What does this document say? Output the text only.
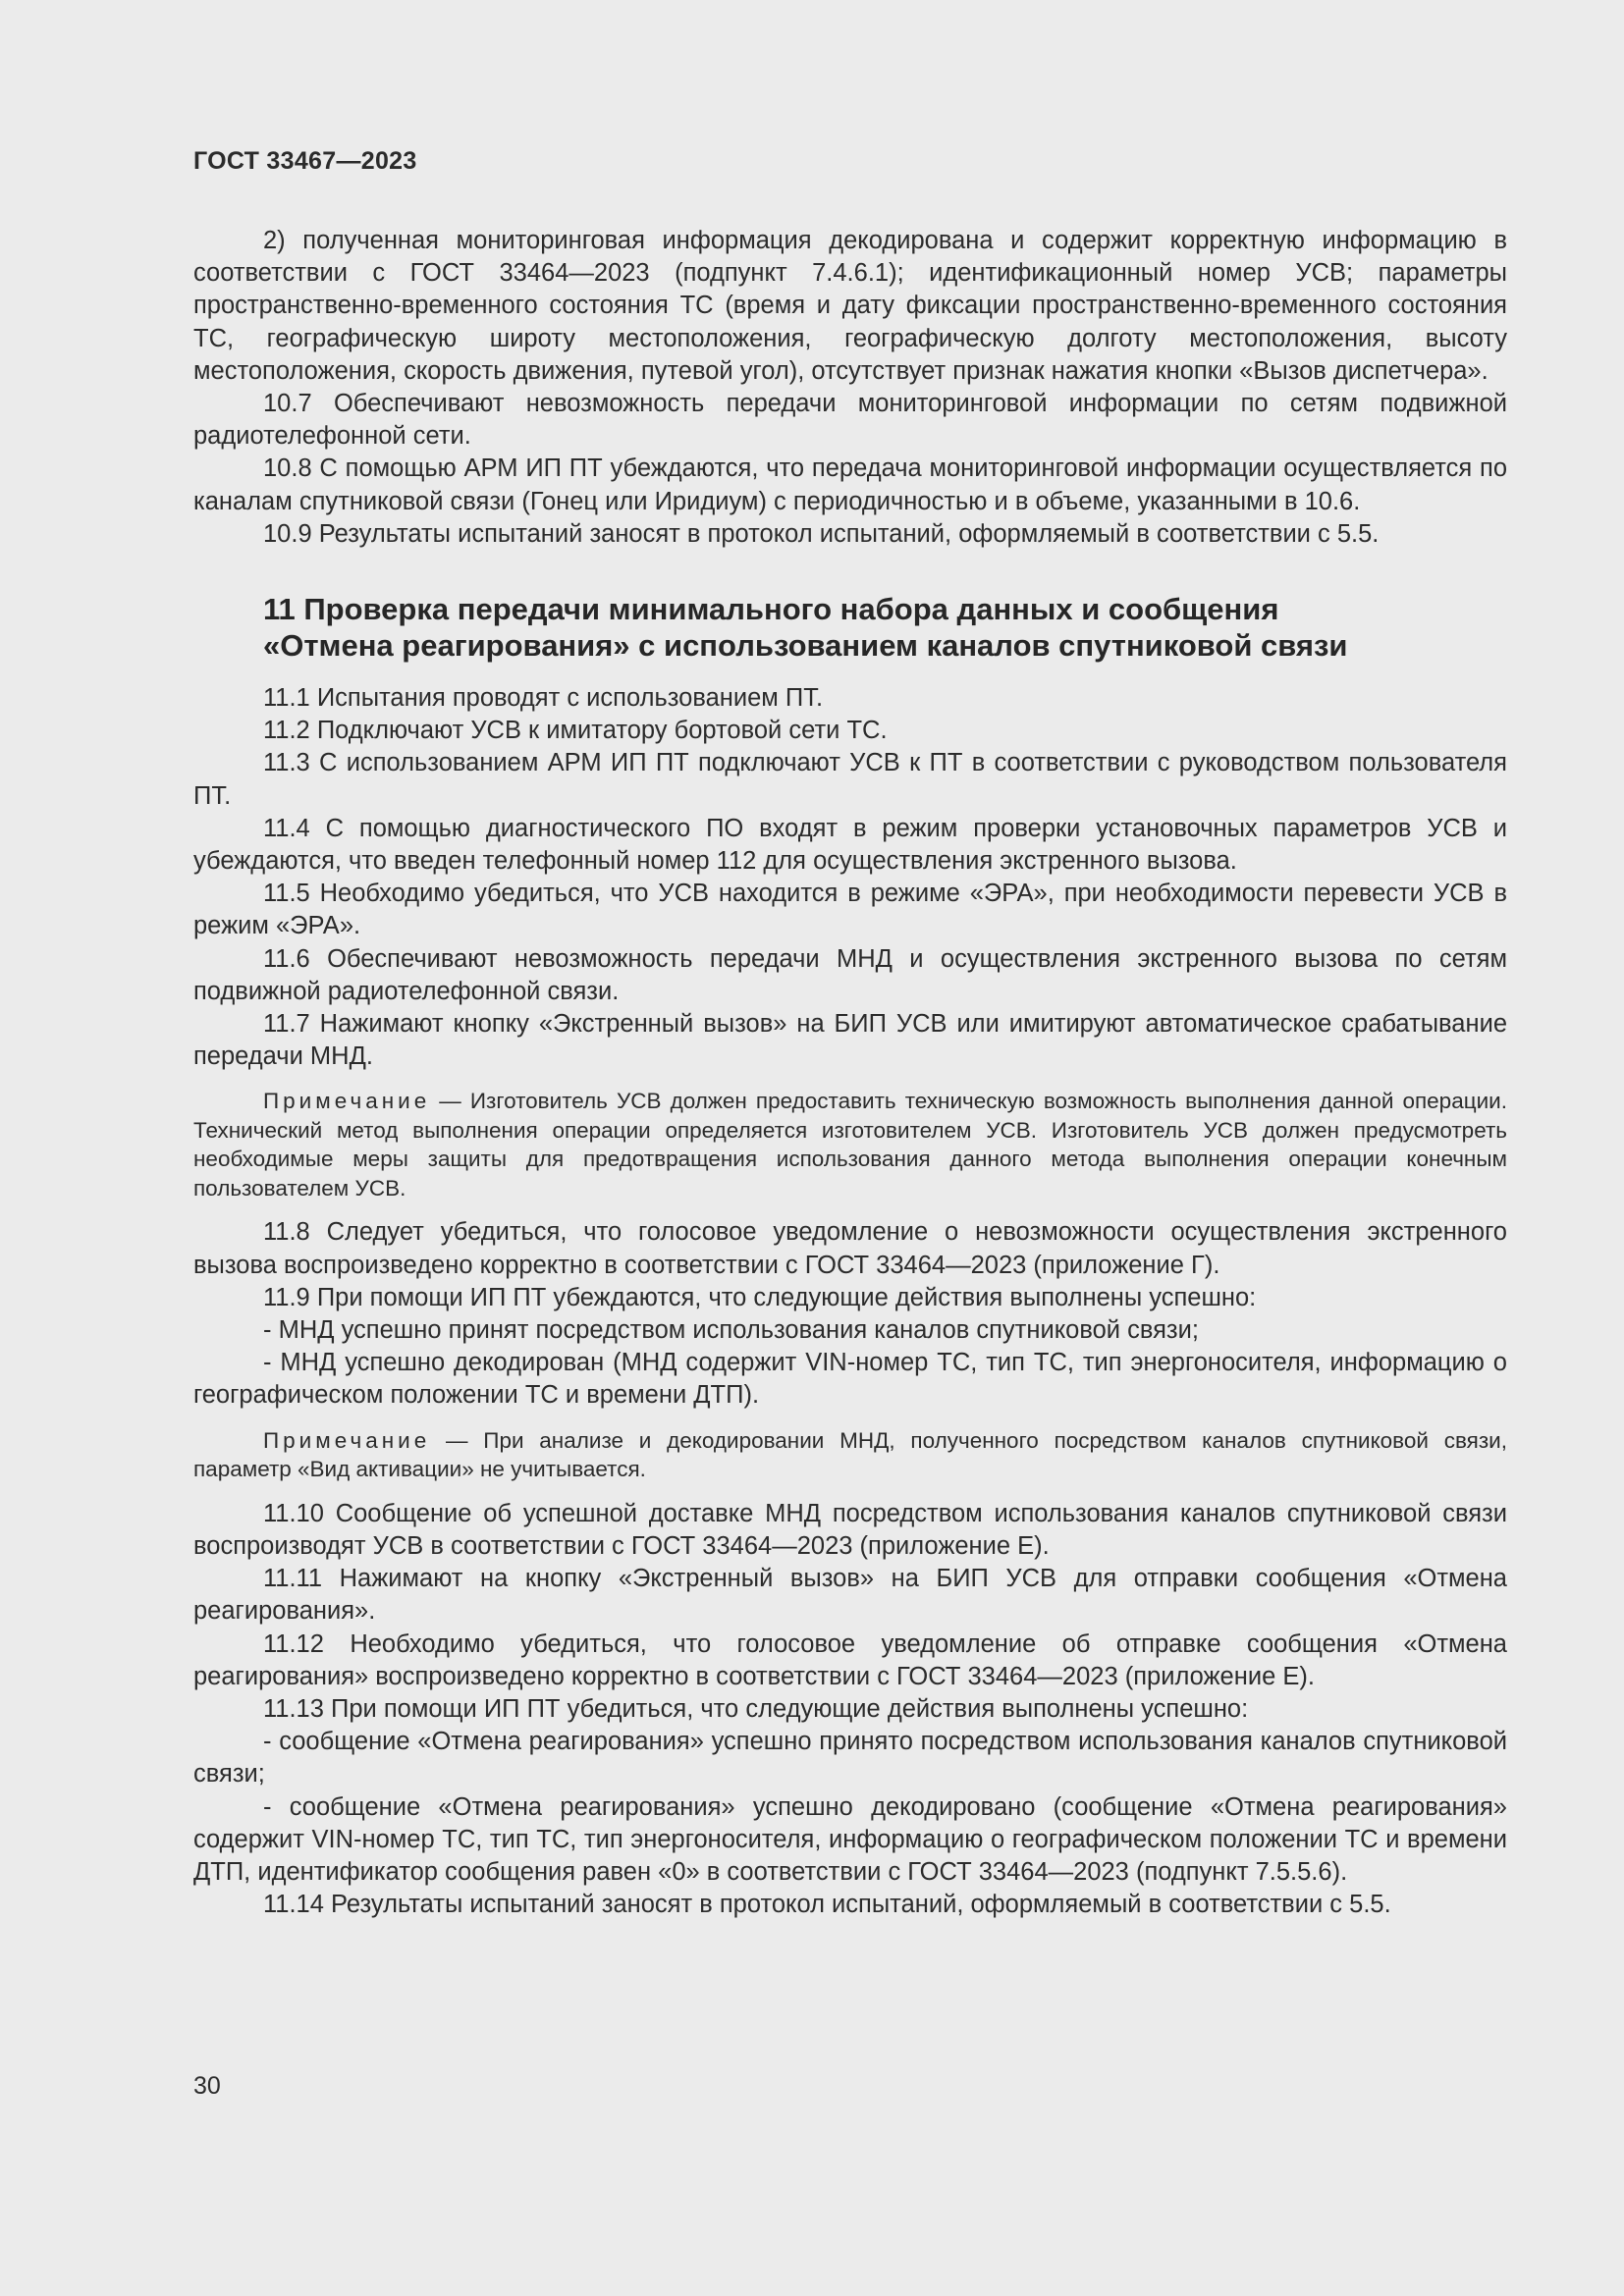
ГОСТ 33467—2023

2) полученная мониторинговая информация декодирована и содержит корректную информацию в соответствии с ГОСТ 33464—2023 (подпункт 7.4.6.1); идентификационный номер УСВ; параметры пространственно-временного состояния ТС (время и дату фиксации пространственно-временного состояния ТС, географическую широту местоположения, географическую долготу местоположения, высоту местоположения, скорость движения, путевой угол), отсутствует признак нажатия кнопки «Вызов диспетчера».

10.7 Обеспечивают невозможность передачи мониторинговой информации по сетям подвижной радиотелефонной сети.

10.8 С помощью АРМ ИП ПТ убеждаются, что передача мониторинговой информации осуществляется по каналам спутниковой связи (Гонец или Иридиум) с периодичностью и в объеме, указанными в 10.6.

10.9 Результаты испытаний заносят в протокол испытаний, оформляемый в соответствии с 5.5.

11 Проверка передачи минимального набора данных и сообщения
«Отмена реагирования» с использованием каналов спутниковой связи

11.1 Испытания проводят с использованием ПТ.

11.2 Подключают УСВ к имитатору бортовой сети ТС.

11.3 С использованием АРМ ИП ПТ подключают УСВ к ПТ в соответствии с руководством пользователя ПТ.

11.4 С помощью диагностического ПО входят в режим проверки установочных параметров УСВ и убеждаются, что введен телефонный номер 112 для осуществления экстренного вызова.

11.5 Необходимо убедиться, что УСВ находится в режиме «ЭРА», при необходимости перевести УСВ в режим «ЭРА».

11.6 Обеспечивают невозможность передачи МНД и осуществления экстренного вызова по сетям подвижной радиотелефонной связи.

11.7 Нажимают кнопку «Экстренный вызов» на БИП УСВ или имитируют автоматическое срабатывание передачи МНД.

Примечание — Изготовитель УСВ должен предоставить техническую возможность выполнения данной операции. Технический метод выполнения операции определяется изготовителем УСВ. Изготовитель УСВ должен предусмотреть необходимые меры защиты для предотвращения использования данного метода выполнения операции конечным пользователем УСВ.

11.8 Следует убедиться, что голосовое уведомление о невозможности осуществления экстренного вызова воспроизведено корректно в соответствии с ГОСТ 33464—2023 (приложение Г).

11.9 При помощи ИП ПТ убеждаются, что следующие действия выполнены успешно:

- МНД успешно принят посредством использования каналов спутниковой связи;

- МНД успешно декодирован (МНД содержит VIN-номер ТС, тип ТС, тип энергоносителя, информацию о географическом положении ТС и времени ДТП).

Примечание — При анализе и декодировании МНД, полученного посредством каналов спутниковой связи, параметр «Вид активации» не учитывается.

11.10 Сообщение об успешной доставке МНД посредством использования каналов спутниковой связи воспроизводят УСВ в соответствии с ГОСТ 33464—2023 (приложение Е).

11.11 Нажимают на кнопку «Экстренный вызов» на БИП УСВ для отправки сообщения «Отмена реагирования».

11.12 Необходимо убедиться, что голосовое уведомление об отправке сообщения «Отмена реагирования» воспроизведено корректно в соответствии с ГОСТ 33464—2023 (приложение Е).

11.13 При помощи ИП ПТ убедиться, что следующие действия выполнены успешно:

- сообщение «Отмена реагирования» успешно принято посредством использования каналов спутниковой связи;

- сообщение «Отмена реагирования» успешно декодировано (сообщение «Отмена реагирования» содержит VIN-номер ТС, тип ТС, тип энергоносителя, информацию о географическом положении ТС и времени ДТП, идентификатор сообщения равен «0» в соответствии с ГОСТ 33464—2023 (подпункт 7.5.5.6).

11.14 Результаты испытаний заносят в протокол испытаний, оформляемый в соответствии с 5.5.

30
